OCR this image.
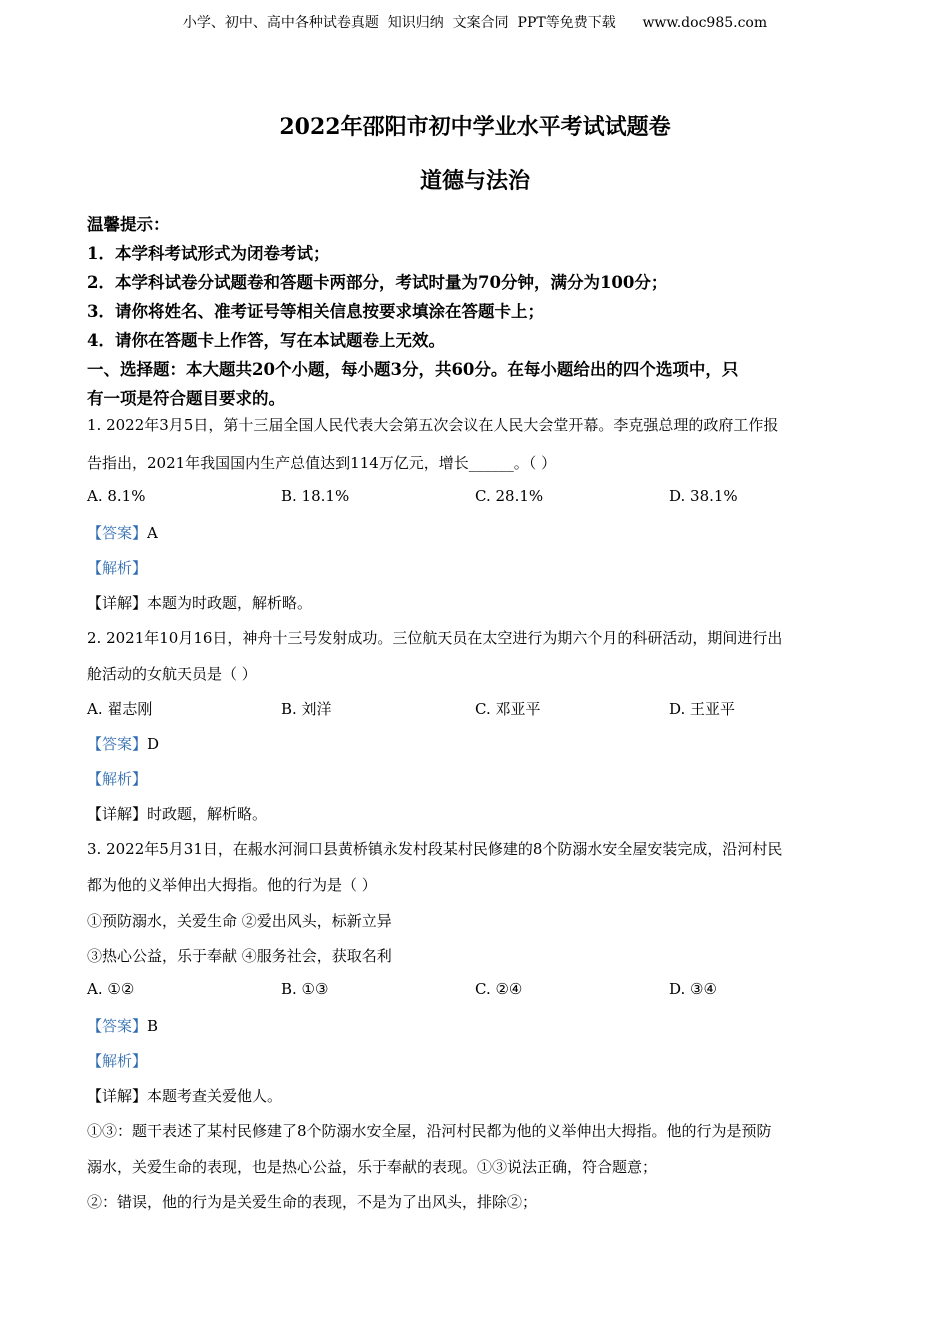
小学、初中、高中各种试卷真题  知识归纳  文案合同  PPT等免费下载      www.doc985.com
2022年邵阳市初中学业水平考试试题卷
道德与法治
温馨提示：
1．本学科考试形式为闭卷考试；
2．本学科试卷分试题卷和答题卡两部分，考试时量为70分钟，满分为100分；
3．请你将姓名、准考证号等相关信息按要求填涂在答题卡上；
4．请你在答题卡上作答，写在本试题卷上无效。
一、选择题：本大题共20个小题，每小题3分，共60分。在每小题给出的四个选项中，只
有一项是符合题目要求的。
1. 2022年3月5日，第十三届全国人民代表大会第五次会议在人民大会堂开幕。李克强总理的政府工作报
告指出，2021年我国国内生产总值达到114万亿元，增长______。（ ）
A. 8.1%	B. 18.1%	C. 28.1%	D. 38.1%
【答案】A
【解析】
【详解】本题为时政题，解析略。
2. 2021年10月16日，神舟十三号发射成功。三位航天员在太空进行为期六个月的科研活动，期间进行出
舱活动的女航天员是（ ）
A. 翟志刚	B. 刘洋	C. 邓亚平	D. 王亚平
【答案】D
【解析】
【详解】时政题，解析略。
3. 2022年5月31日，在赧水河洞口县黄桥镇永发村段某村民修建的8个防溺水安全屋安装完成，沿河村民
都为他的义举伸出大拇指。他的行为是（ ）
①预防溺水，关爱生命 ②爱出风头，标新立异
③热心公益，乐于奉献 ④服务社会，获取名利
A. ①②	B. ①③	C. ②④	D. ③④
【答案】B
【解析】
【详解】本题考查关爱他人。
①③：题干表述了某村民修建了8个防溺水安全屋，沿河村民都为他的义举伸出大拇指。他的行为是预防
溺水，关爱生命的表现，也是热心公益，乐于奉献的表现。①③说法正确，符合题意；
②：错误，他的行为是关爱生命的表现，不是为了出风头，排除②；
